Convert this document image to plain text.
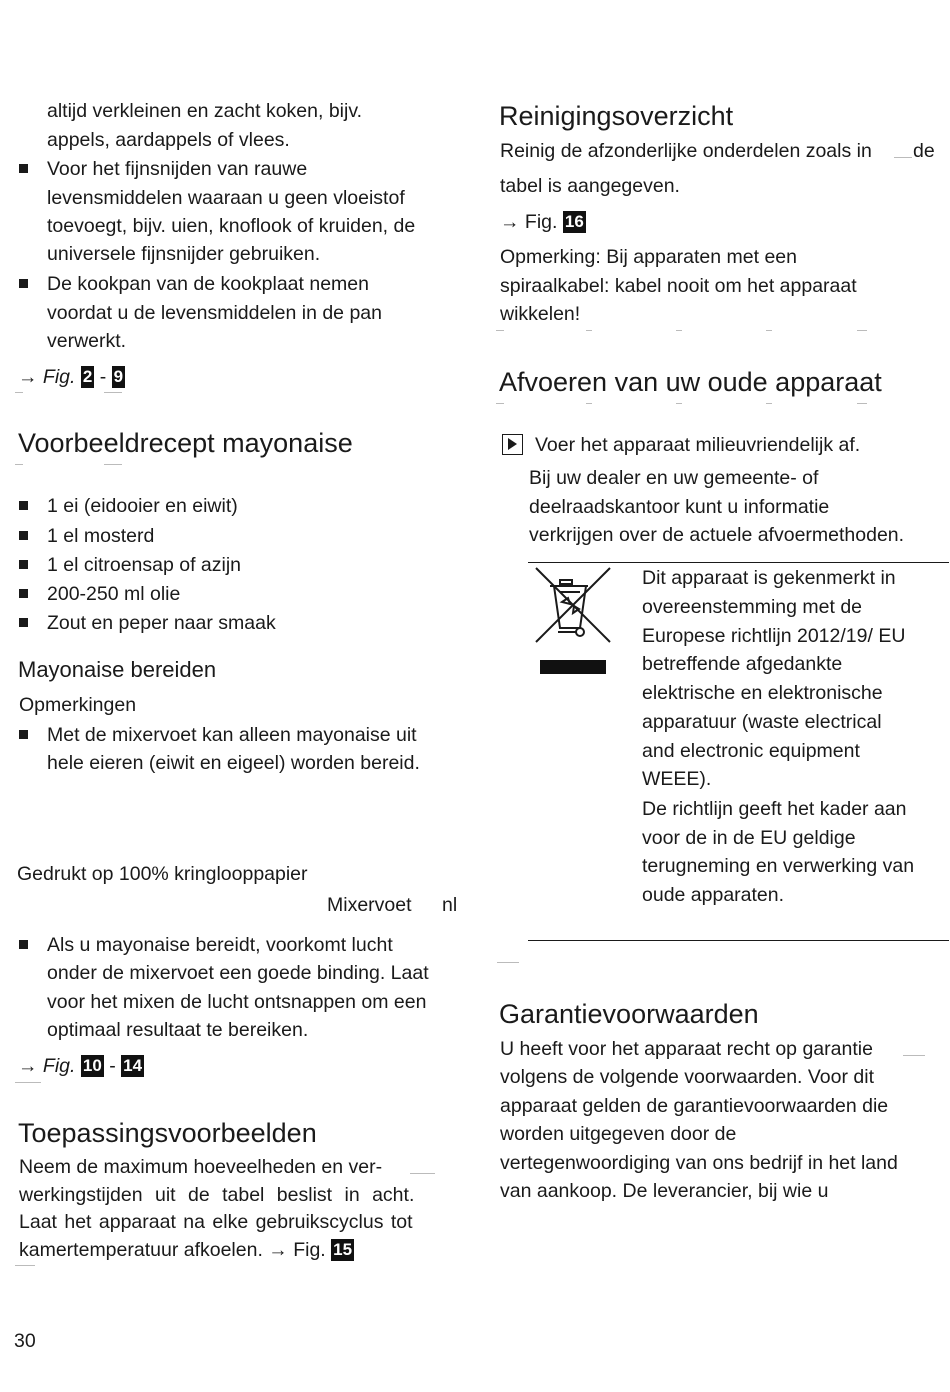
altijd verkleinen en zacht koken, bijv.
appels, aardappels of vlees.
Voor het fijnsnijden van rauwe
levensmiddelen waaraan u geen vloeistof
toevoegt, bijv. uien, knoflook of kruiden, de
universele fijnsnijder gebruiken.
De kookpan van de kookplaat nemen
voordat u de levensmiddelen in de pan
verwerkt.
→ Fig. 2 - 9
Voorbeeldrecept mayonaise
1 ei (eidooier en eiwit)
1 el mosterd
1 el citroensap of azijn
200-250 ml olie
Zout en peper naar smaak
Mayonaise bereiden
Opmerkingen
Met de mixervoet kan alleen mayonaise uit
hele eieren (eiwit en eigeel) worden bereid.
Gedrukt op 100% kringlooppapier
Mixervoet nl
Als u mayonaise bereidt, voorkomt lucht
onder de mixervoet een goede binding. Laat
voor het mixen de lucht ontsnappen om een
optimaal resultaat te bereiken.
→ Fig. 10 - 14
Toepassingsvoorbeelden
Neem de maximum hoeveelheden en ver-
werkingstijden uit de tabel beslist in acht.
Laat het apparaat na elke gebruikscyclus tot
kamertemperatuur afkoelen. → Fig. 15
30
Reinigingsoverzicht
Reinig de afzonderlijke onderdelen zoals in de
tabel is aangegeven.
→ Fig. 16
Opmerking: Bij apparaten met een
spiraalkabel: kabel nooit om het apparaat
wikkelen!
Afvoeren van uw oude apparaat
Voer het apparaat milieuvriendelijk af.
Bij uw dealer en uw gemeente- of
deelraadskantoor kunt u informatie
verkrijgen over de actuele afvoermethoden.
Dit apparaat is gekenmerkt in
overeenstemming met de
Europese richtlijn 2012/19/ EU
betreffende afgedankte
elektrische en elektronische
apparatuur (waste electrical
and electronic equipment
WEEE).
De richtlijn geeft het kader aan
voor de in de EU geldige
terugneming en verwerking van
oude apparaten.
Garantievoorwaarden
U heeft voor het apparaat recht op garantie
volgens de volgende voorwaarden. Voor dit
apparaat gelden de garantievoorwaarden die
worden uitgegeven door de
vertegenwoordiging van ons bedrijf in het land
van aankoop. De leverancier, bij wie u
